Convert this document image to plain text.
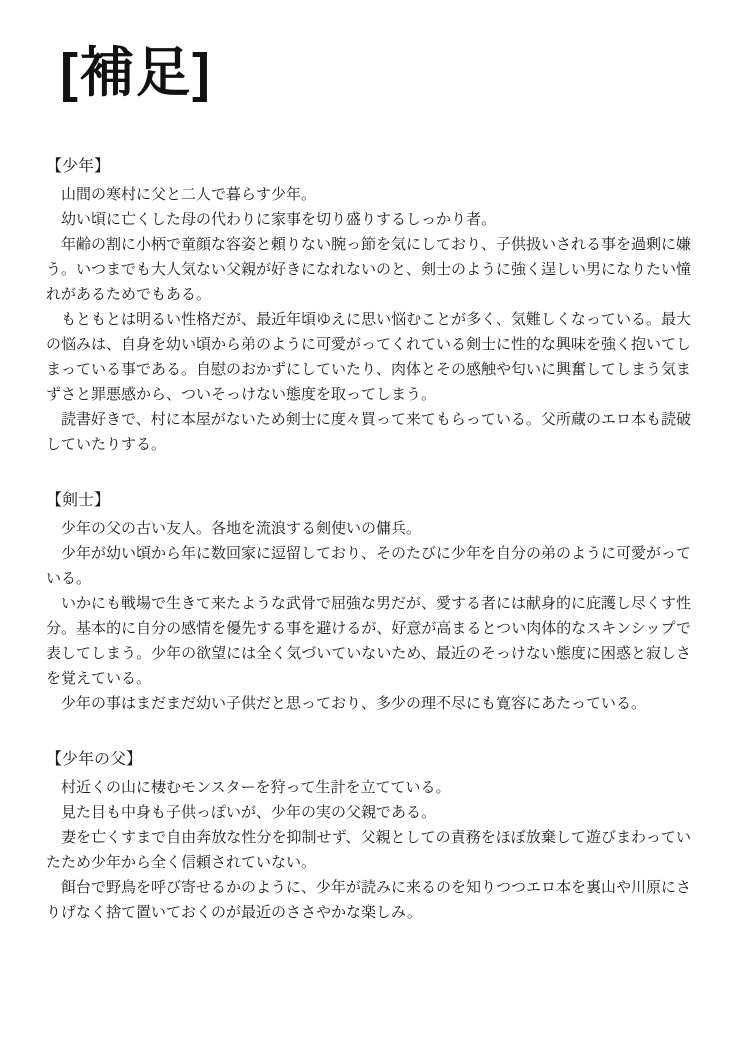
[補足]
【少年】

山間の寒村に父と二人で暮らす少年。

幼い頃に亡くした母の代わりに家事を切り盛りするしっかり者。

年齢の割に小柄で童顔な容姿と頼りない腕っ節を気にしており、子供扱いされる事を過剰に嫌う。いつまでも大人気ない父親が好きになれないのと、剣士のように強く逞しい男になりたい憧れがあるためでもある。

もともとは明るい性格だが、最近年頃ゆえに思い悩むことが多く、気難しくなっている。最大の悩みは、自身を幼い頃から弟のように可愛がってくれている剣士に性的な興味を強く抱いてしまっている事である。自慰のおかずにしていたり、肉体とその感触や匂いに興奮してしまう気まずさと罪悪感から、ついそっけない態度を取ってしまう。

読書好きで、村に本屋がないため剣士に度々買って来てもらっている。父所蔵のエロ本も読破していたりする。

【剣士】

少年の父の古い友人。各地を流浪する剣使いの傭兵。

少年が幼い頃から年に数回家に逗留しており、そのたびに少年を自分の弟のように可愛がっている。

いかにも戦場で生きて来たような武骨で屈強な男だが、愛する者には献身的に庇護し尽くす性分。基本的に自分の感情を優先する事を避けるが、好意が高まるとつい肉体的なスキンシップで表してしまう。少年の欲望には全く気づいていないため、最近のそっけない態度に困惑と寂しさを覚えている。

少年の事はまだまだ幼い子供だと思っており、多少の理不尽にも寛容にあたっている。

【少年の父】

村近くの山に棲むモンスターを狩って生計を立てている。

見た目も中身も子供っぽいが、少年の実の父親である。

妻を亡くすまで自由奔放な性分を抑制せず、父親としての責務をほぼ放棄して遊びまわっていたため少年から全く信頼されていない。

餌台で野鳥を呼び寄せるかのように、少年が読みに来るのを知りつつエロ本を裏山や川原にさりげなく捨て置いておくのが最近のささやかな楽しみ。
